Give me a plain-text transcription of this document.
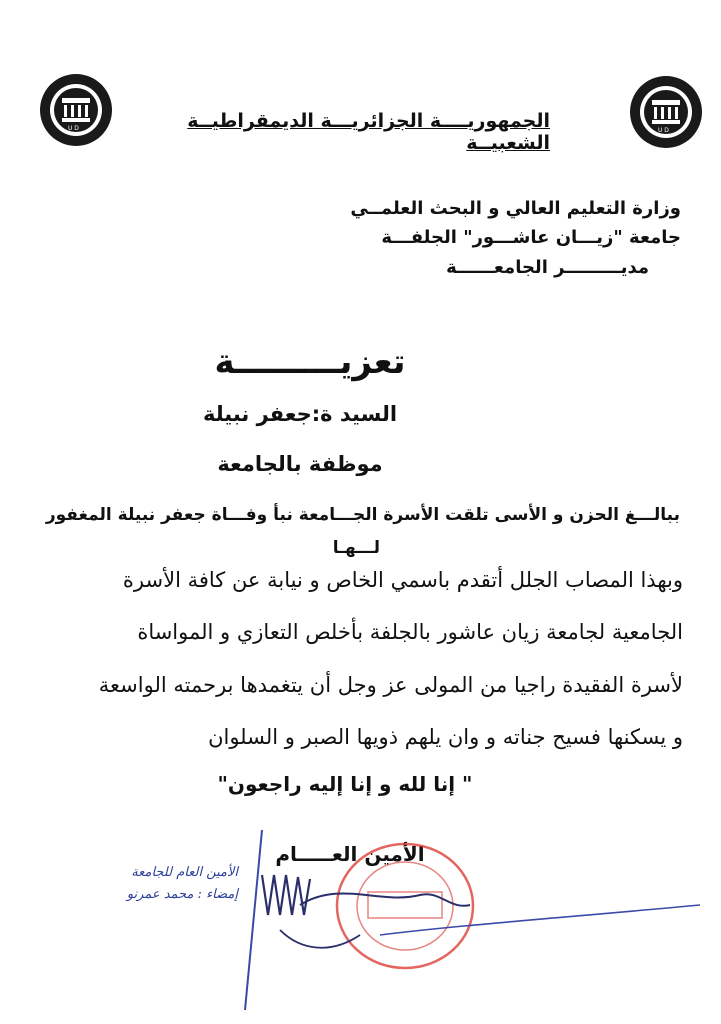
U D	U D
الجمهوريــــة الجزائريـــة الديمقراطيــة الشعبيــة
وزارة التعليم العالي و البحث العلمــي
جامعة "زيـــان عاشـــور" الجلفـــة
مديـــــــــر الجامعــــــة
تعزيـــــــــة
السيد ة:جعفر نبيلة
موظفة بالجامعة
ببالـــغ الحزن و الأسى تلقت الأسرة الجـــامعة نبأ وفـــاة جعفر نبيلة المغفور
لـــهـا
وبهذا المصاب الجلل أتقدم باسمي الخاص و نيابة عن كافة الأسرة
الجامعية لجامعة زيان عاشور بالجلفة بأخلص التعازي و المواساة
لأسرة الفقيدة راجيا من المولى عز وجل أن يتغمدها برحمته الواسعة
و يسكنها فسيح جناته و وان يلهم ذويها الصبر و السلوان
" إنا لله و إنا إليه راجعون"
الأمين العـــــام
الأمين العام للجامعة
إمضاء : محمد عمرنو
